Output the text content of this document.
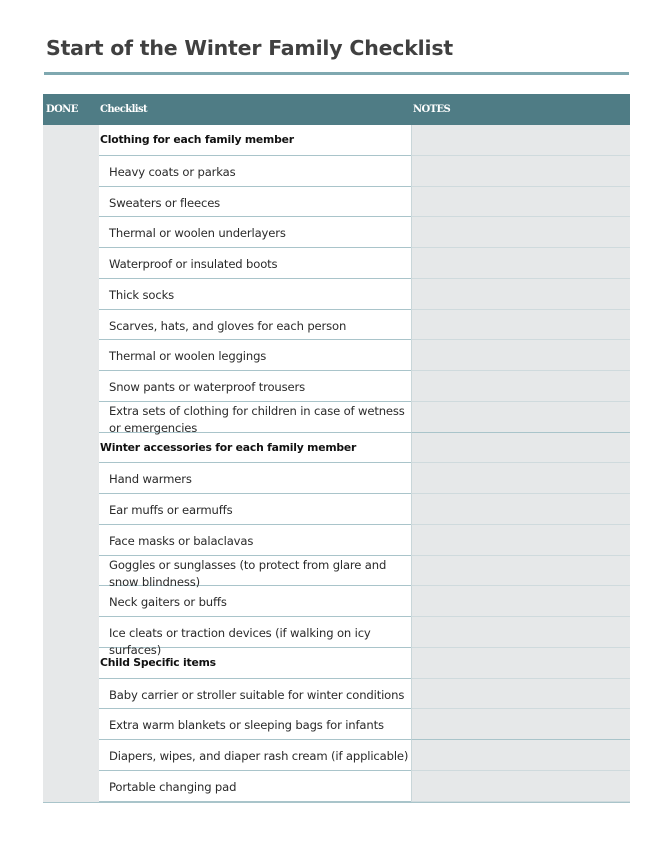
Start of the Winter Family Checklist
DONE Checklist	NOTES
Clothing for each family member
Heavy coats or parkas
Sweaters or fleeces
Thermal or woolen underlayers
Waterproof or insulated boots
Thick socks
Scarves, hats, and gloves for each person
Thermal or woolen leggings
Snow pants or waterproof trousers
Extra sets of clothing for children in case of wetness or emergencies
Winter accessories for each family member
Hand warmers
Ear muffs or earmuffs
Face masks or balaclavas
Goggles or sunglasses (to protect from glare and snow blindness)
Neck gaiters or buffs
Ice cleats or traction devices (if walking on icy surfaces)
Child Specific items
Baby carrier or stroller suitable for winter conditions
Extra warm blankets or sleeping bags for infants
Diapers, wipes, and diaper rash cream (if applicable)
Portable changing pad
